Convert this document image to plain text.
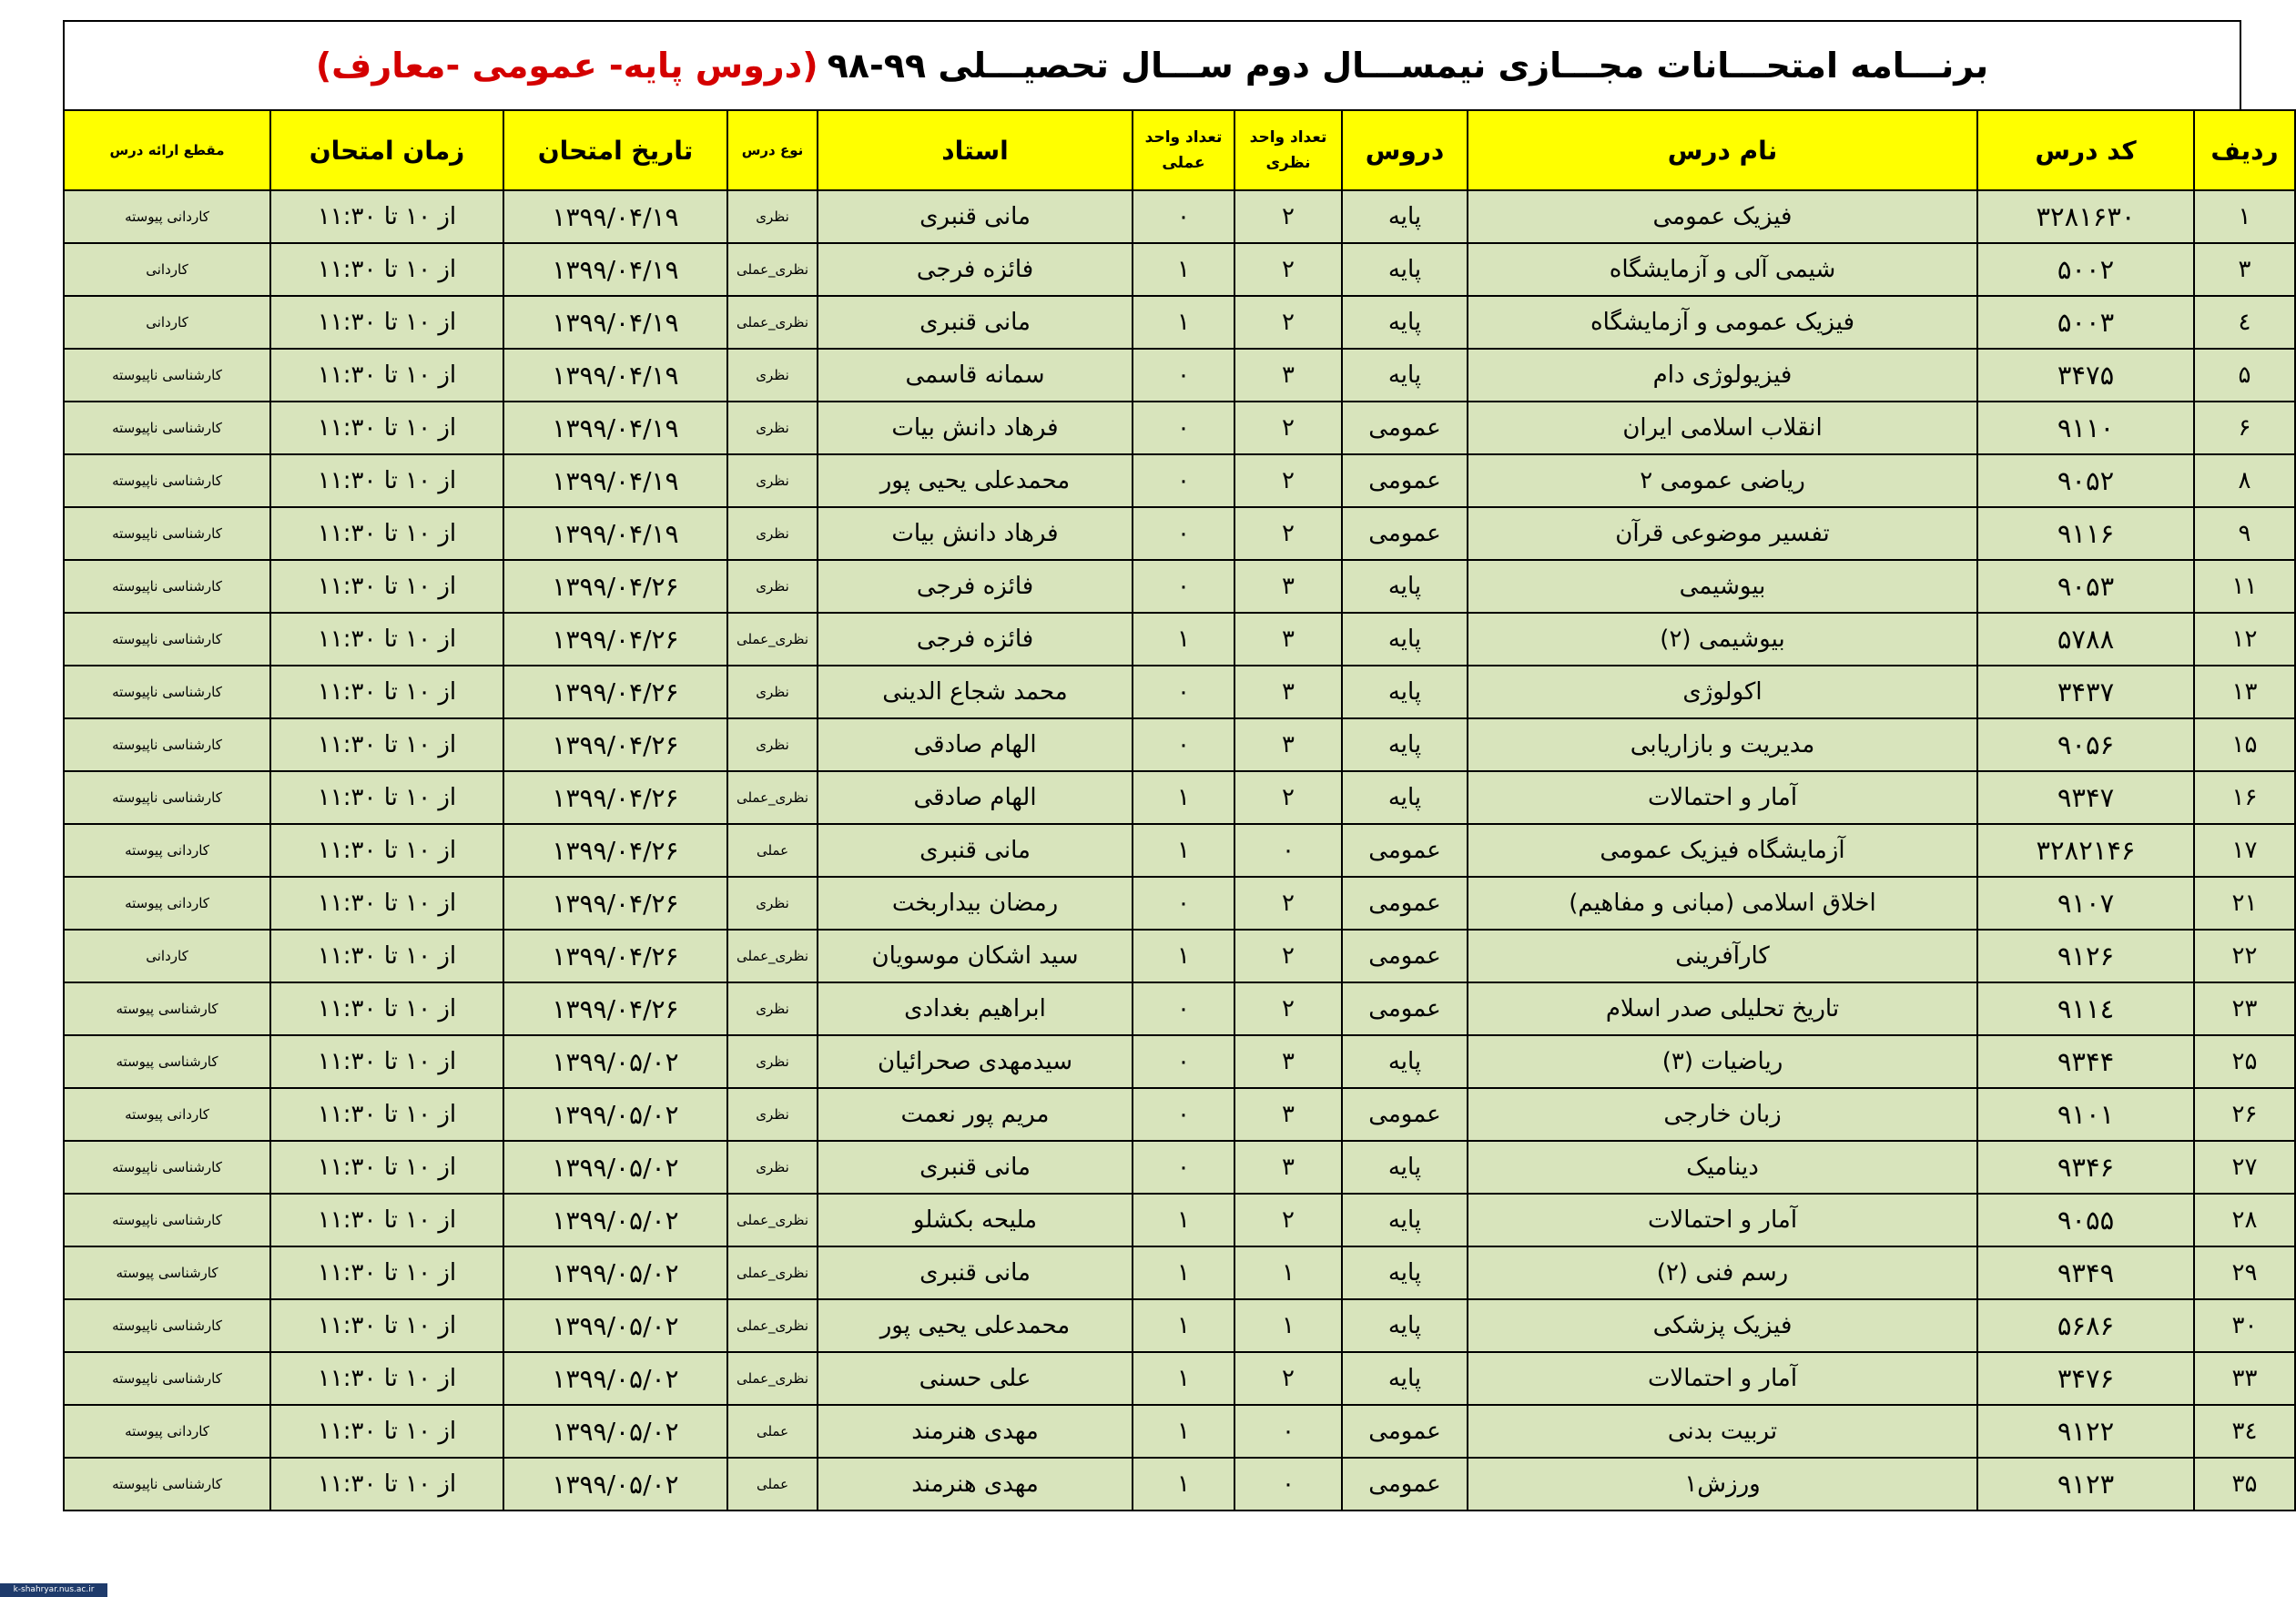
برنـــامه امتحـــانات مجـــازی نیمســـال دوم ســـال تحصیـــلی ۹۹-۹۸
(دروس پایه- عمومی -معارف)
ردیف	کد درس	نام درس	دروس	تعداد واحد نظری	تعداد واحد عملی	استاد	نوع درس	تاریخ امتحان	زمان امتحان	مقطع ارائه درس
۱	۳۲۸۱۶۳۰	فیزیک عمومی	پایه	۲	۰	مانی قنبری	نظری	۱۳۹۹/۰۴/۱۹	از ۱۰ تا ۱۱:۳۰	کاردانی پیوسته
۳	۵۰۰۲	شیمی آلی و آزمایشگاه	پایه	۲	۱	فائزه فرجی	نظری_عملی	۱۳۹۹/۰۴/۱۹	از ۱۰ تا ۱۱:۳۰	کاردانی
٤	۵۰۰۳	فیزیک عمومی و آزمایشگاه	پایه	۲	۱	مانی قنبری	نظری_عملی	۱۳۹۹/۰۴/۱۹	از ۱۰ تا ۱۱:۳۰	کاردانی
۵	۳۴۷۵	فیزیولوژی دام	پایه	۳	۰	سمانه قاسمی	نظری	۱۳۹۹/۰۴/۱۹	از ۱۰ تا ۱۱:۳۰	کارشناسی ناپیوسته
۶	۹۱۱۰	انقلاب اسلامی ایران	عمومی	۲	۰	فرهاد دانش بیات	نظری	۱۳۹۹/۰۴/۱۹	از ۱۰ تا ۱۱:۳۰	کارشناسی ناپیوسته
۸	۹۰۵۲	ریاضی عمومی ۲	عمومی	۲	۰	محمدعلی یحیی پور	نظری	۱۳۹۹/۰۴/۱۹	از ۱۰ تا ۱۱:۳۰	کارشناسی ناپیوسته
۹	۹۱۱۶	تفسیر موضوعی قرآن	عمومی	۲	۰	فرهاد دانش بیات	نظری	۱۳۹۹/۰۴/۱۹	از ۱۰ تا ۱۱:۳۰	کارشناسی ناپیوسته
۱۱	۹۰۵۳	بیوشیمی	پایه	۳	۰	فائزه فرجی	نظری	۱۳۹۹/۰۴/۲۶	از ۱۰ تا ۱۱:۳۰	کارشناسی ناپیوسته
۱۲	۵۷۸۸	بیوشیمی (۲)	پایه	۳	۱	فائزه فرجی	نظری_عملی	۱۳۹۹/۰۴/۲۶	از ۱۰ تا ۱۱:۳۰	کارشناسی ناپیوسته
۱۳	۳۴۳۷	اکولوژی	پایه	۳	۰	محمد شجاع الدینی	نظری	۱۳۹۹/۰۴/۲۶	از ۱۰ تا ۱۱:۳۰	کارشناسی ناپیوسته
۱۵	۹۰۵۶	مدیریت و بازاریابی	پایه	۳	۰	الهام صادقی	نظری	۱۳۹۹/۰۴/۲۶	از ۱۰ تا ۱۱:۳۰	کارشناسی ناپیوسته
۱۶	۹۳۴۷	آمار و احتمالات	پایه	۲	۱	الهام صادقی	نظری_عملی	۱۳۹۹/۰۴/۲۶	از ۱۰ تا ۱۱:۳۰	کارشناسی ناپیوسته
۱۷	۳۲۸۲۱۴۶	آزمایشگاه فیزیک عمومی	عمومی	۰	۱	مانی قنبری	عملی	۱۳۹۹/۰۴/۲۶	از ۱۰ تا ۱۱:۳۰	کاردانی پیوسته
۲۱	۹۱۰۷	اخلاق اسلامی (مبانی و مفاهیم)	عمومی	۲	۰	رمضان بیداربخت	نظری	۱۳۹۹/۰۴/۲۶	از ۱۰ تا ۱۱:۳۰	کاردانی پیوسته
۲۲	۹۱۲۶	کارآفرینی	عمومی	۲	۱	سید اشکان موسویان	نظری_عملی	۱۳۹۹/۰۴/۲۶	از ۱۰ تا ۱۱:۳۰	کاردانی
۲۳	۹۱۱٤	تاریخ تحلیلی صدر اسلام	عمومی	۲	۰	ابراهیم بغدادی	نظری	۱۳۹۹/۰۴/۲۶	از ۱۰ تا ۱۱:۳۰	کارشناسی پیوسته
۲۵	۹۳۴۴	ریاضیات (۳)	پایه	۳	۰	سیدمهدی صحرائیان	نظری	۱۳۹۹/۰۵/۰۲	از ۱۰ تا ۱۱:۳۰	کارشناسی پیوسته
۲۶	۹۱۰۱	زبان خارجی	عمومی	۳	۰	مریم پور نعمت	نظری	۱۳۹۹/۰۵/۰۲	از ۱۰ تا ۱۱:۳۰	کاردانی پیوسته
۲۷	۹۳۴۶	دینامیک	پایه	۳	۰	مانی قنبری	نظری	۱۳۹۹/۰۵/۰۲	از ۱۰ تا ۱۱:۳۰	کارشناسی ناپیوسته
۲۸	۹۰۵۵	آمار و احتمالات	پایه	۲	۱	ملیحه بکشلو	نظری_عملی	۱۳۹۹/۰۵/۰۲	از ۱۰ تا ۱۱:۳۰	کارشناسی ناپیوسته
۲۹	۹۳۴۹	رسم فنی (۲)	پایه	۱	۱	مانی قنبری	نظری_عملی	۱۳۹۹/۰۵/۰۲	از ۱۰ تا ۱۱:۳۰	کارشناسی پیوسته
۳۰	۵۶۸۶	فیزیک پزشکی	پایه	۱	۱	محمدعلی یحیی پور	نظری_عملی	۱۳۹۹/۰۵/۰۲	از ۱۰ تا ۱۱:۳۰	کارشناسی ناپیوسته
۳۳	۳۴۷۶	آمار و احتمالات	پایه	۲	۱	علی حسنی	نظری_عملی	۱۳۹۹/۰۵/۰۲	از ۱۰ تا ۱۱:۳۰	کارشناسی ناپیوسته
۳٤	۹۱۲۲	تربیت بدنی	عمومی	۰	۱	مهدی هنرمند	عملی	۱۳۹۹/۰۵/۰۲	از ۱۰ تا ۱۱:۳۰	کاردانی پیوسته
۳۵	۹۱۲۳	ورزش۱	عمومی	۰	۱	مهدی هنرمند	عملی	۱۳۹۹/۰۵/۰۲	از ۱۰ تا ۱۱:۳۰	کارشناسی ناپیوسته
k-shahryar.nus.ac.ir
